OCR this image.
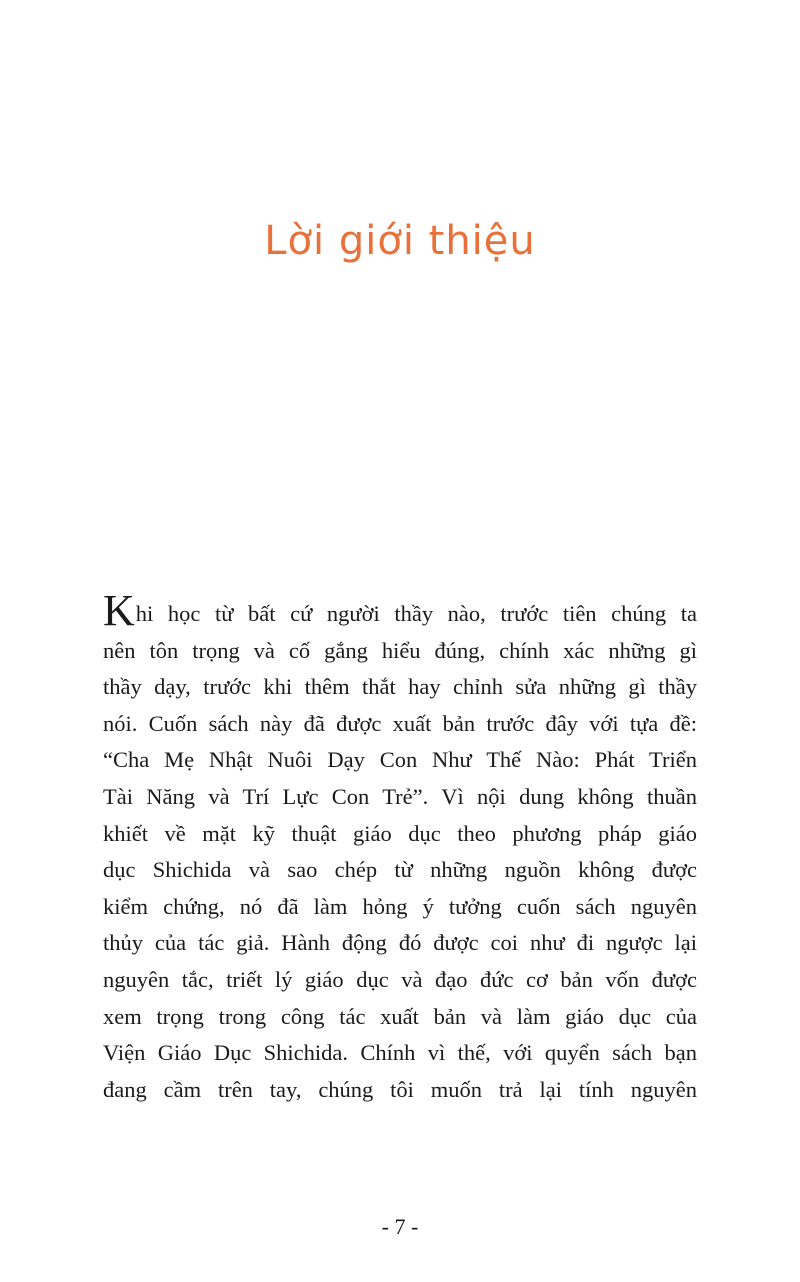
Lời giới thiệu
Khi học từ bất cứ người thầy nào, trước tiên chúng ta
nên tôn trọng và cố gắng hiểu đúng, chính xác những gì
thầy dạy, trước khi thêm thắt hay chỉnh sửa những gì thầy
nói. Cuốn sách này đã được xuất bản trước đây với tựa đề:
“Cha Mẹ Nhật Nuôi Dạy Con Như Thế Nào: Phát Triển
Tài Năng và Trí Lực Con Trẻ”. Vì nội dung không thuần
khiết về mặt kỹ thuật giáo dục theo phương pháp giáo
dục Shichida và sao chép từ những nguồn không được
kiểm chứng, nó đã làm hỏng ý tưởng cuốn sách nguyên
thủy của tác giả. Hành động đó được coi như đi ngược lại
nguyên tắc, triết lý giáo dục và đạo đức cơ bản vốn được
xem trọng trong công tác xuất bản và làm giáo dục của
Viện Giáo Dục Shichida. Chính vì thế, với quyển sách bạn
đang cầm trên tay, chúng tôi muốn trả lại tính nguyên
- 7 -
